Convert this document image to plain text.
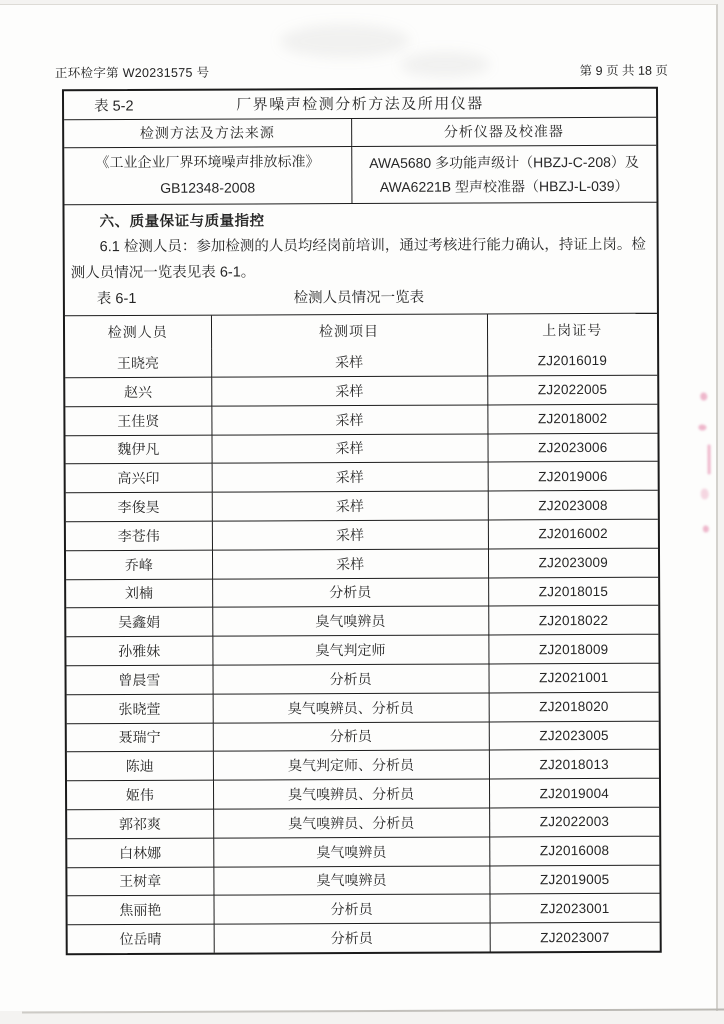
正环检字第 W20231575 号	第 9 页 共 18 页
表 5-2 厂界噪声检测分析方法及所用仪器	
检测方法及方法来源	分析仪器及校准器

《工业企业厂界环境噪声排放标准》
GB12348-2008

AWA5680 多功能声级计（HBZJ-C-208）及
AWA6221B 型声校准器（HBZJ-L-039）
六、质量保证与质量指控
6.1 检测人员：参加检测的人员均经岗前培训，通过考核进行能力确认，持证上岗。检
测人员情况一览表见表 6-1。
表 6-1	检测人员情况一览表
检测人员	检测项目	上岗证号
王晓亮	采样	ZJ2016019
赵兴	采样	ZJ2022005
王佳贤	采样	ZJ2018002
魏伊凡	采样	ZJ2023006
高兴印	采样	ZJ2019006
李俊昊	采样	ZJ2023008
李苍伟	采样	ZJ2016002
乔峰	采样	ZJ2023009
刘楠	分析员	ZJ2018015
吴鑫娟	臭气嗅辨员	ZJ2018022
孙雅妹	臭气判定师	ZJ2018009
曾晨雪	分析员	ZJ2021001
张晓萱	臭气嗅辨员、分析员	ZJ2018020
聂瑞宁	分析员	ZJ2023005
陈迪	臭气判定师、分析员	ZJ2018013
姬伟	臭气嗅辨员、分析员	ZJ2019004
郭祁爽	臭气嗅辨员、分析员	ZJ2022003
白林娜	臭气嗅辨员	ZJ2016008
王树章	臭气嗅辨员	ZJ2019005
焦丽艳	分析员	ZJ2023001
位岳晴	分析员	ZJ2023007
